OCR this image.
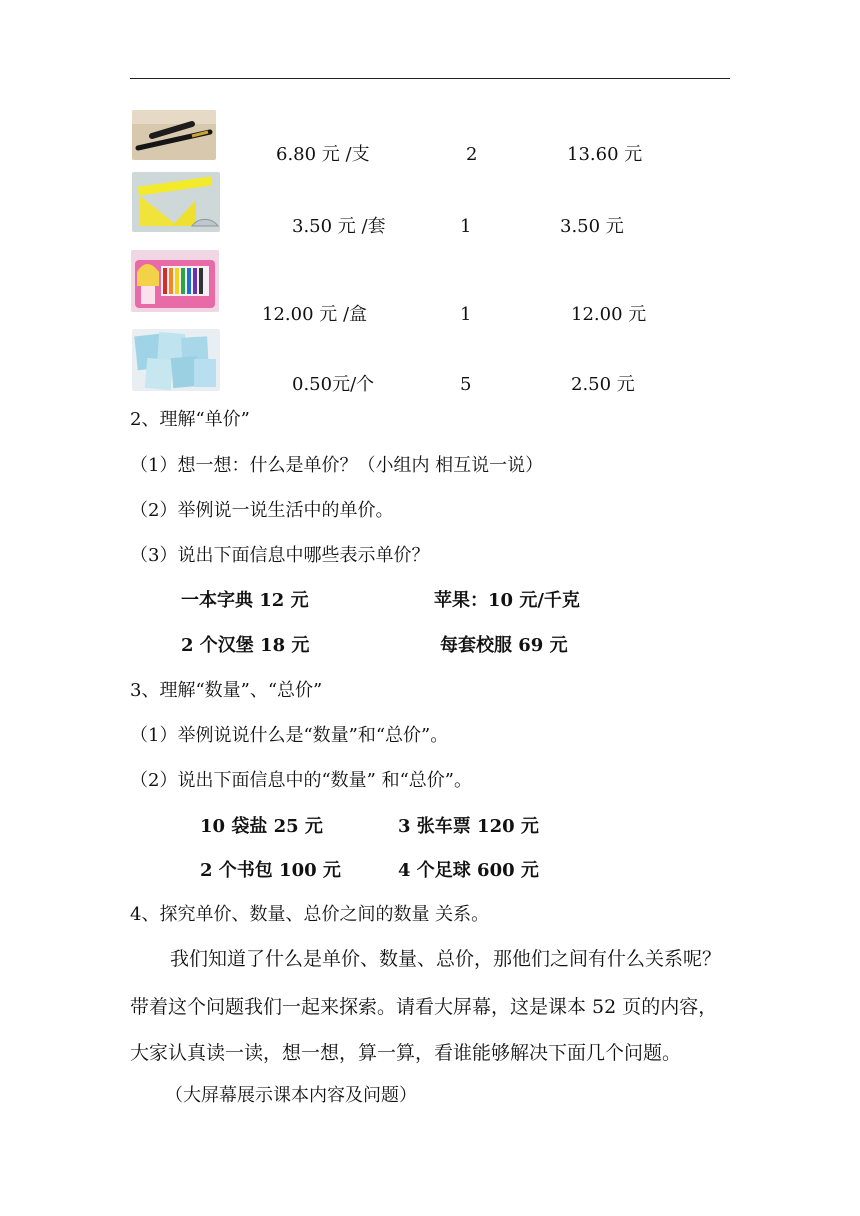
6.80 元 /支	2	13.60 元
3.50 元 /套	1	3.50 元
12.00 元 /盒	1	12.00 元
0.50元/个	5	2.50 元
2、理解“单价”
（1）想一想：什么是单价？（小组内 相互说一说）
（2）举例说一说生活中的单价。
（3）说出下面信息中哪些表示单价？
一本字典 12 元	苹果：10 元/千克
2 个汉堡 18 元	每套校服 69 元
3、理解“数量”、“总价”
（1）举例说说什么是“数量”和“总价”。
（2）说出下面信息中的“数量” 和“总价”。
10 袋盐 25 元	3 张车票 120 元
2 个书包 100 元	4 个足球 600 元
4、探究单价、数量、总价之间的数量 关系。
我们知道了什么是单价、数量、总价，那他们之间有什么关系呢？
带着这个问题我们一起来探索。请看大屏幕，这是课本 52 页的内容，
大家认真读一读，想一想，算一算，看谁能够解决下面几个问题。
（大屏幕展示课本内容及问题）
